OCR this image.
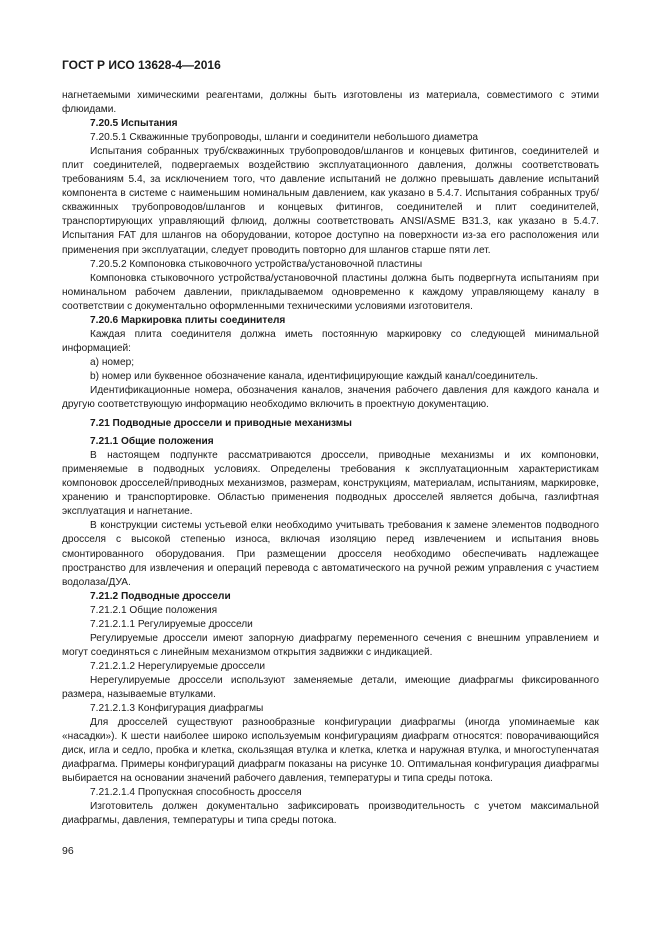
ГОСТ Р ИСО 13628-4—2016

нагнетаемыми химическими реагентами, должны быть изготовлены из материала, совместимого с этими флюидами.

7.20.5 Испытания

7.20.5.1 Скважинные трубопроводы, шланги и соединители небольшого диаметра

Испытания собранных труб/скважинных трубопроводов/шлангов и концевых фитингов, соединителей и плит соединителей, подвергаемых воздействию эксплуатационного давления, должны соответствовать требованиям 5.4, за исключением того, что давление испытаний не должно превышать давление испытаний компонента в системе с наименьшим номинальным давлением, как указано в 5.4.7. Испытания собранных труб/скважинных трубопроводов/шлангов и концевых фитингов, соединителей и плит соединителей, транспортирующих управляющий флюид, должны соответствовать ANSI/ASME B31.3, как указано в 5.4.7. Испытания FAT для шлангов на оборудовании, которое доступно на поверхности из-за его расположения или применения при эксплуатации, следует проводить повторно для шлангов старше пяти лет.

7.20.5.2 Компоновка стыковочного устройства/установочной пластины

Компоновка стыковочного устройства/установочной пластины должна быть подвергнута испытаниям при номинальном рабочем давлении, прикладываемом одновременно к каждому управляющему каналу в соответствии с документально оформленными техническими условиями изготовителя.

7.20.6 Маркировка плиты соединителя

Каждая плита соединителя должна иметь постоянную маркировку со следующей минимальной информацией:

a) номер;

b) номер или буквенное обозначение канала, идентифицирующие каждый канал/соединитель.

Идентификационные номера, обозначения каналов, значения рабочего давления для каждого канала и другую соответствующую информацию необходимо включить в проектную документацию.

7.21 Подводные дроссели и приводные механизмы

7.21.1 Общие положения

В настоящем подпункте рассматриваются дроссели, приводные механизмы и их компоновки, применяемые в подводных условиях. Определены требования к эксплуатационным характеристикам компоновок дросселей/приводных механизмов, размерам, конструкциям, материалам, испытаниям, маркировке, хранению и транспортировке. Областью применения подводных дросселей является добыча, газлифтная эксплуатация и нагнетание.

В конструкции системы устьевой елки необходимо учитывать требования к замене элементов подводного дросселя с высокой степенью износа, включая изоляцию перед извлечением и испытания вновь смонтированного оборудования. При размещении дросселя необходимо обеспечивать надлежащее пространство для извлечения и операций перевода с автоматического на ручной режим управления с участием водолаза/ДУА.

7.21.2 Подводные дроссели

7.21.2.1 Общие положения

7.21.2.1.1 Регулируемые дроссели

Регулируемые дроссели имеют запорную диафрагму переменного сечения с внешним управлением и могут соединяться с линейным механизмом открытия задвижки с индикацией.

7.21.2.1.2 Нерегулируемые дроссели

Нерегулируемые дроссели используют заменяемые детали, имеющие диафрагмы фиксированного размера, называемые втулками.

7.21.2.1.3 Конфигурация диафрагмы

Для дросселей существуют разнообразные конфигурации диафрагмы (иногда упоминаемые как «насадки»). К шести наиболее широко используемым конфигурациям диафрагм относятся: поворачивающийся диск, игла и седло, пробка и клетка, скользящая втулка и клетка, клетка и наружная втулка, и многоступенчатая диафрагма. Примеры конфигураций диафрагм показаны на рисунке 10. Оптимальная конфигурация диафрагмы выбирается на основании значений рабочего давления, температуры и типа среды потока.

7.21.2.1.4 Пропускная способность дросселя

Изготовитель должен документально зафиксировать производительность с учетом максимальной диафрагмы, давления, температуры и типа среды потока.

96
